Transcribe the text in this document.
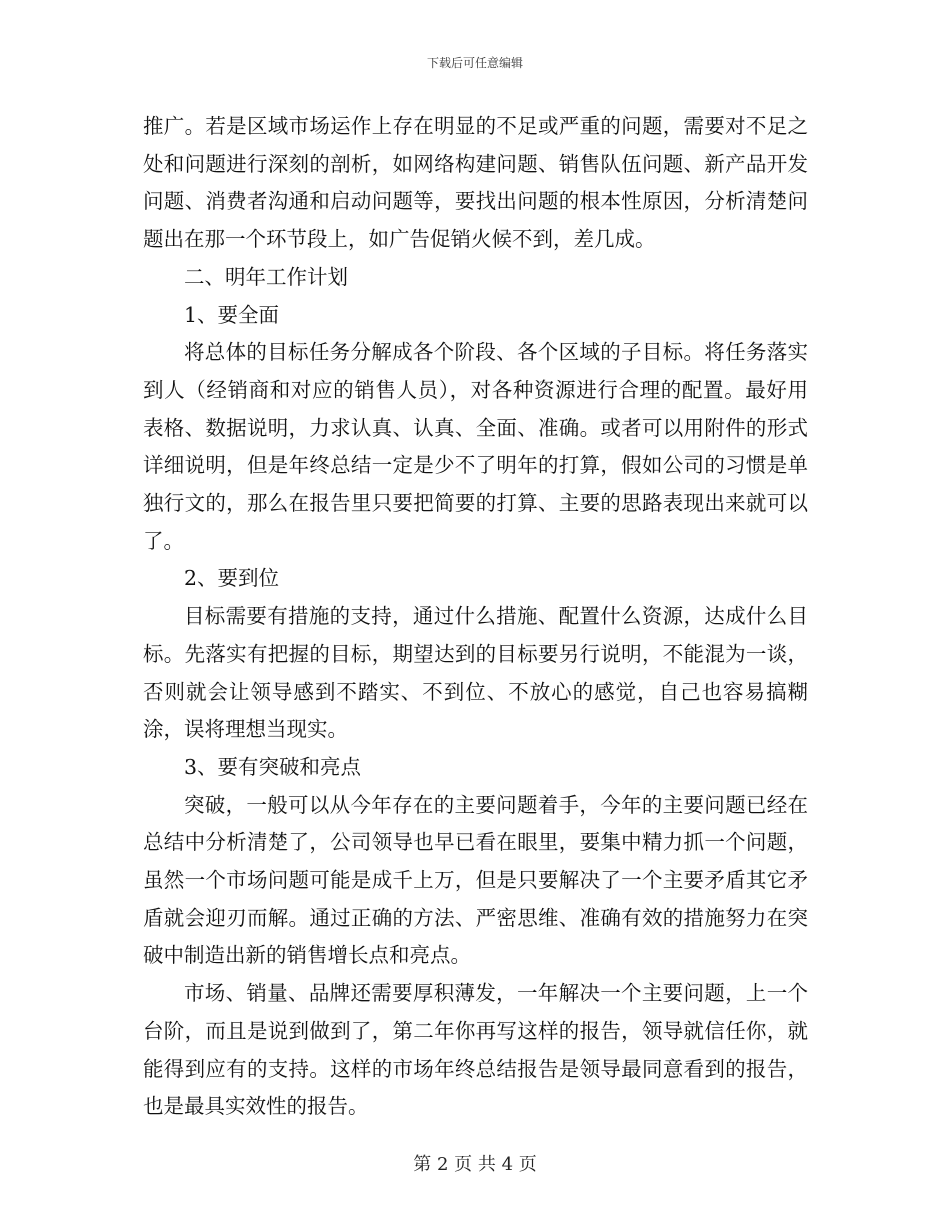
下载后可任意编辑

推广。若是区域市场运作上存在明显的不足或严重的问题，需要对不足之处和问题进行深刻的剖析，如网络构建问题、销售队伍问题、新产品开发问题、消费者沟通和启动问题等，要找出问题的根本性原因，分析清楚问题出在那一个环节段上，如广告促销火候不到，差几成。

二、明年工作计划

1、要全面

将总体的目标任务分解成各个阶段、各个区域的子目标。将任务落实到人（经销商和对应的销售人员），对各种资源进行合理的配置。最好用表格、数据说明，力求认真、认真、全面、准确。或者可以用附件的形式详细说明，但是年终总结一定是少不了明年的打算，假如公司的习惯是单独行文的，那么在报告里只要把简要的打算、主要的思路表现出来就可以了。

2、要到位

目标需要有措施的支持，通过什么措施、配置什么资源，达成什么目标。先落实有把握的目标，期望达到的目标要另行说明，不能混为一谈，否则就会让领导感到不踏实、不到位、不放心的感觉，自己也容易搞糊涂，误将理想当现实。

3、要有突破和亮点

突破，一般可以从今年存在的主要问题着手，今年的主要问题已经在总结中分析清楚了，公司领导也早已看在眼里，要集中精力抓一个问题，虽然一个市场问题可能是成千上万，但是只要解决了一个主要矛盾其它矛盾就会迎刃而解。通过正确的方法、严密思维、准确有效的措施努力在突破中制造出新的销售增长点和亮点。

市场、销量、品牌还需要厚积薄发，一年解决一个主要问题，上一个台阶，而且是说到做到了，第二年你再写这样的报告，领导就信任你，就能得到应有的支持。这样的市场年终总结报告是领导最同意看到的报告，也是最具实效性的报告。

第 2 页 共 4 页
